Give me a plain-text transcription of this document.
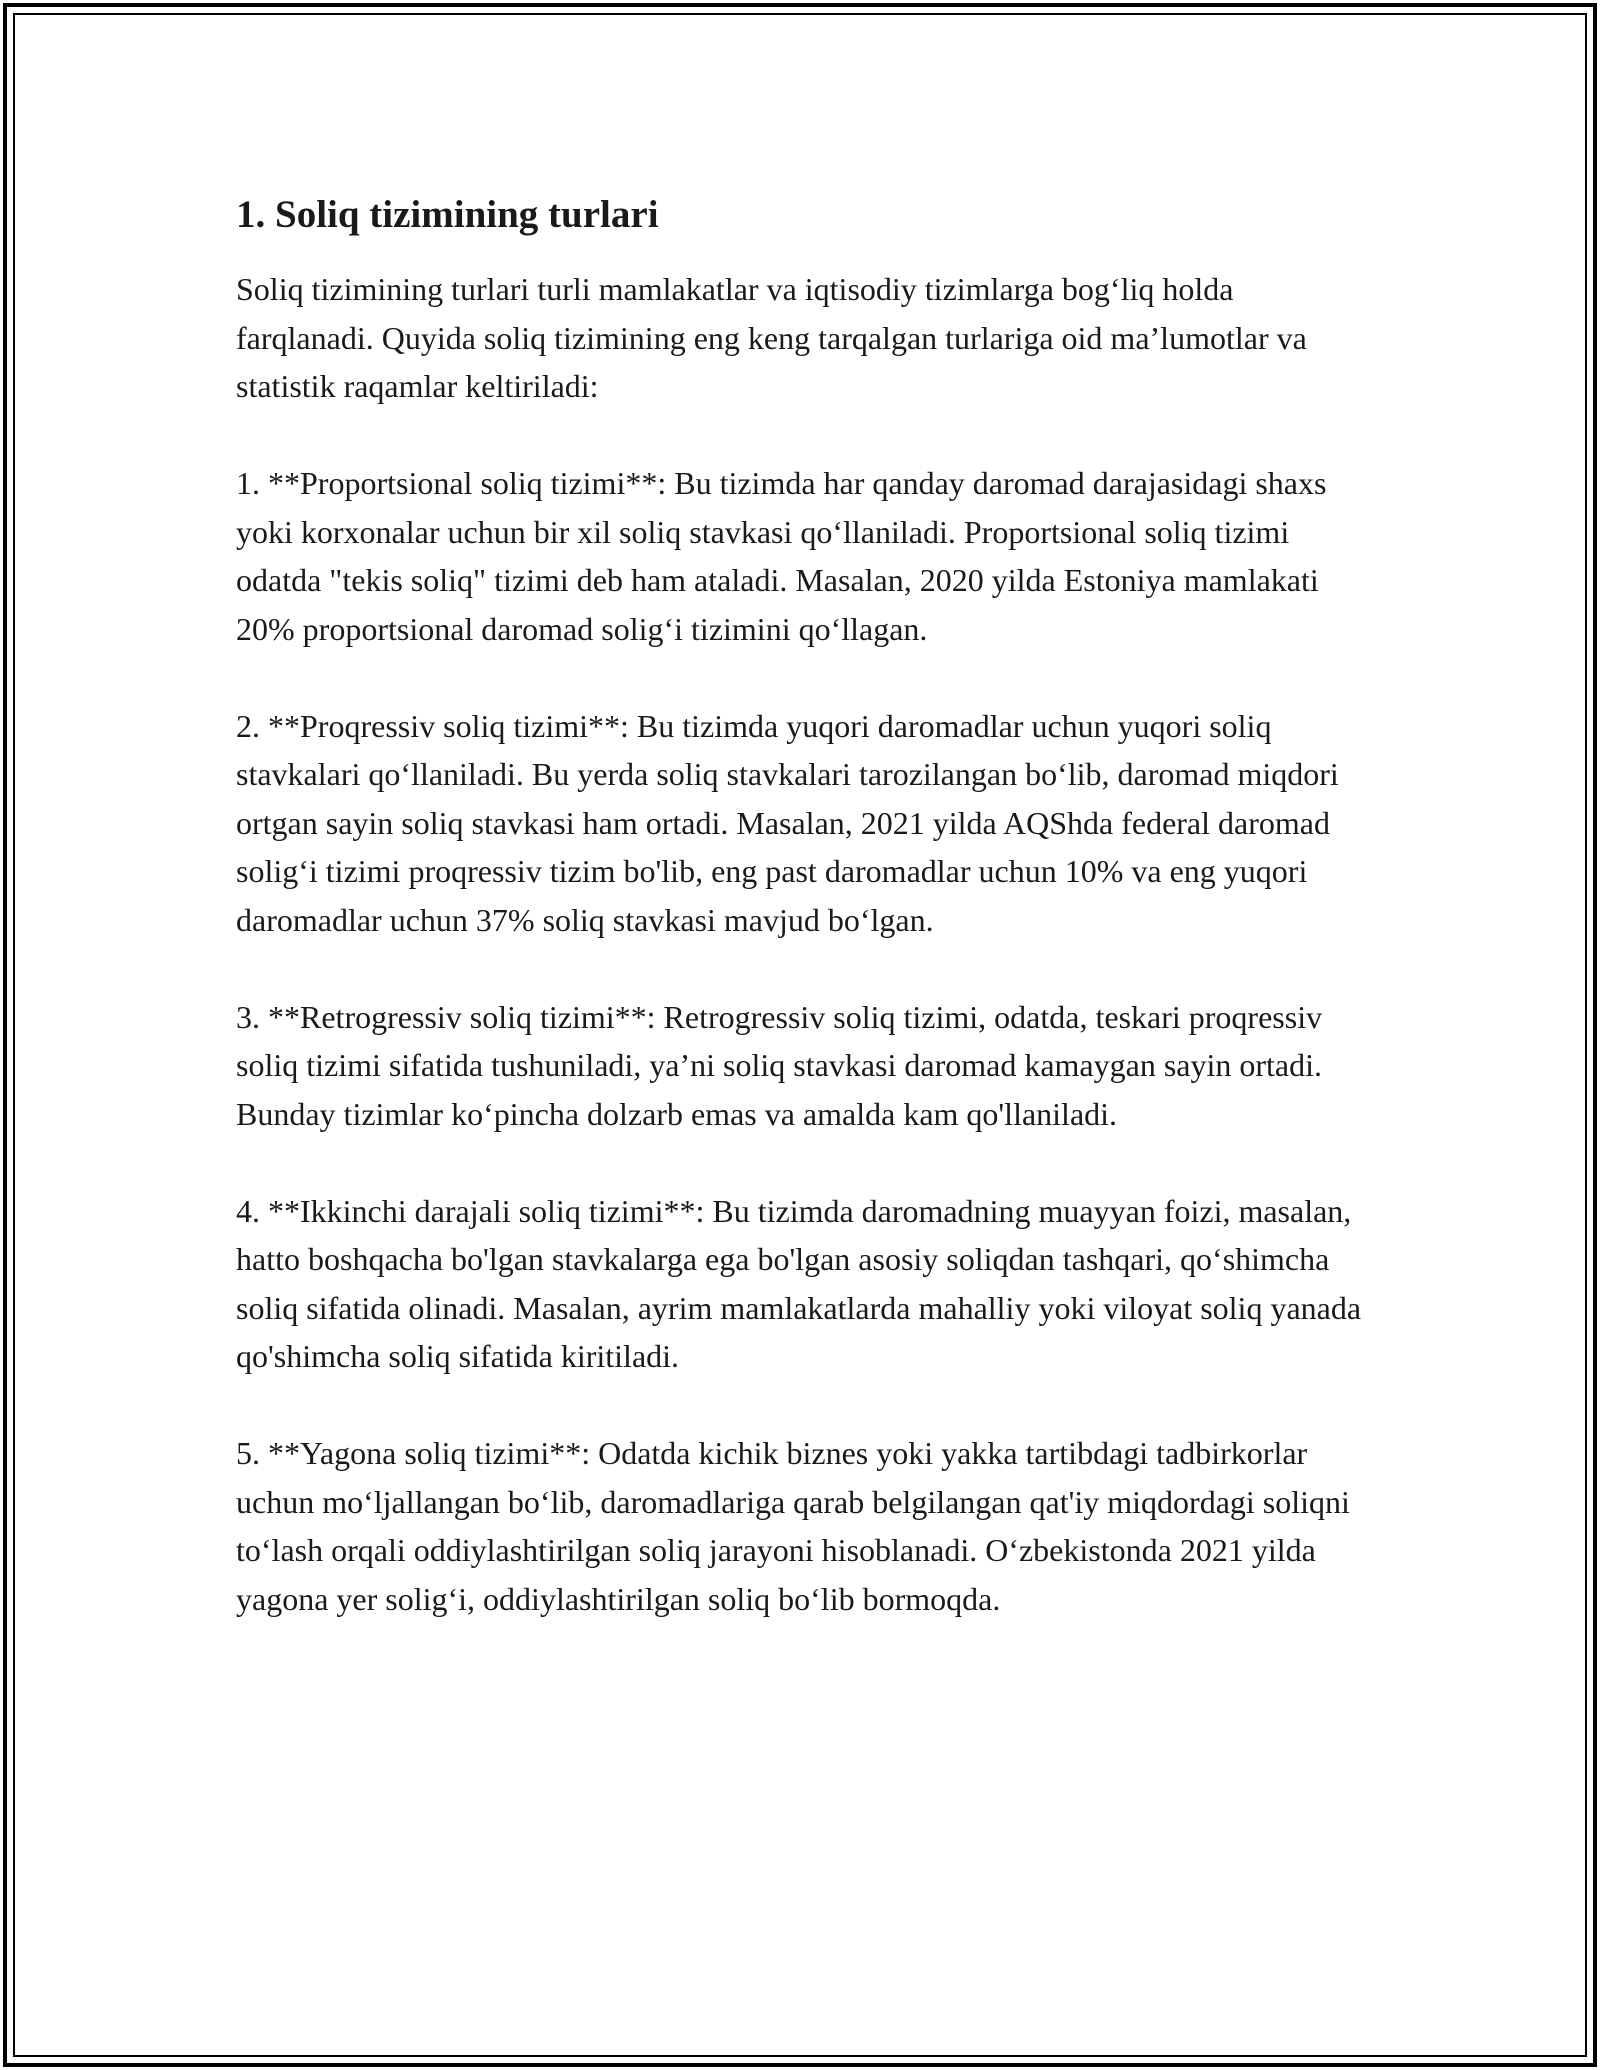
1. Soliq tizimining turlari

Soliq tizimining turlari turli mamlakatlar va iqtisodiy tizimlarga bog‘liq holda farqlanadi. Quyida soliq tizimining eng keng tarqalgan turlariga oid ma’lumotlar va statistik raqamlar keltiriladi:

1. **Proportsional soliq tizimi**: Bu tizimda har qanday daromad darajasidagi shaxs yoki korxonalar uchun bir xil soliq stavkasi qo‘llaniladi. Proportsional soliq tizimi odatda "tekis soliq" tizimi deb ham ataladi. Masalan, 2020 yilda Estoniya mamlakati 20% proportsional daromad solig‘i tizimini qo‘llagan.

2. **Proqressiv soliq tizimi**: Bu tizimda yuqori daromadlar uchun yuqori soliq stavkalari qo‘llaniladi. Bu yerda soliq stavkalari tarozilangan bo‘lib, daromad miqdori ortgan sayin soliq stavkasi ham ortadi. Masalan, 2021 yilda AQShda federal daromad solig‘i tizimi proqressiv tizim bo'lib, eng past daromadlar uchun 10% va eng yuqori daromadlar uchun 37% soliq stavkasi mavjud bo‘lgan.

3. **Retrogressiv soliq tizimi**: Retrogressiv soliq tizimi, odatda, teskari proqressiv soliq tizimi sifatida tushuniladi, ya’ni soliq stavkasi daromad kamaygan sayin ortadi. Bunday tizimlar ko‘pincha dolzarb emas va amalda kam qo'llaniladi.

4. **Ikkinchi darajali soliq tizimi**: Bu tizimda daromadning muayyan foizi, masalan, hatto boshqacha bo'lgan stavkalarga ega bo'lgan asosiy soliqdan tashqari, qo‘shimcha soliq sifatida olinadi. Masalan, ayrim mamlakatlarda mahalliy yoki viloyat soliq yanada qo'shimcha soliq sifatida kiritiladi.

5. **Yagona soliq tizimi**: Odatda kichik biznes yoki yakka tartibdagi tadbirkorlar uchun mo‘ljallangan bo‘lib, daromadlariga qarab belgilangan qat'iy miqdordagi soliqni to‘lash orqali oddiylashtirilgan soliq jarayoni hisoblanadi. O‘zbekistonda 2021 yilda yagona yer solig‘i, oddiylashtirilgan soliq bo‘lib bormoqda.
